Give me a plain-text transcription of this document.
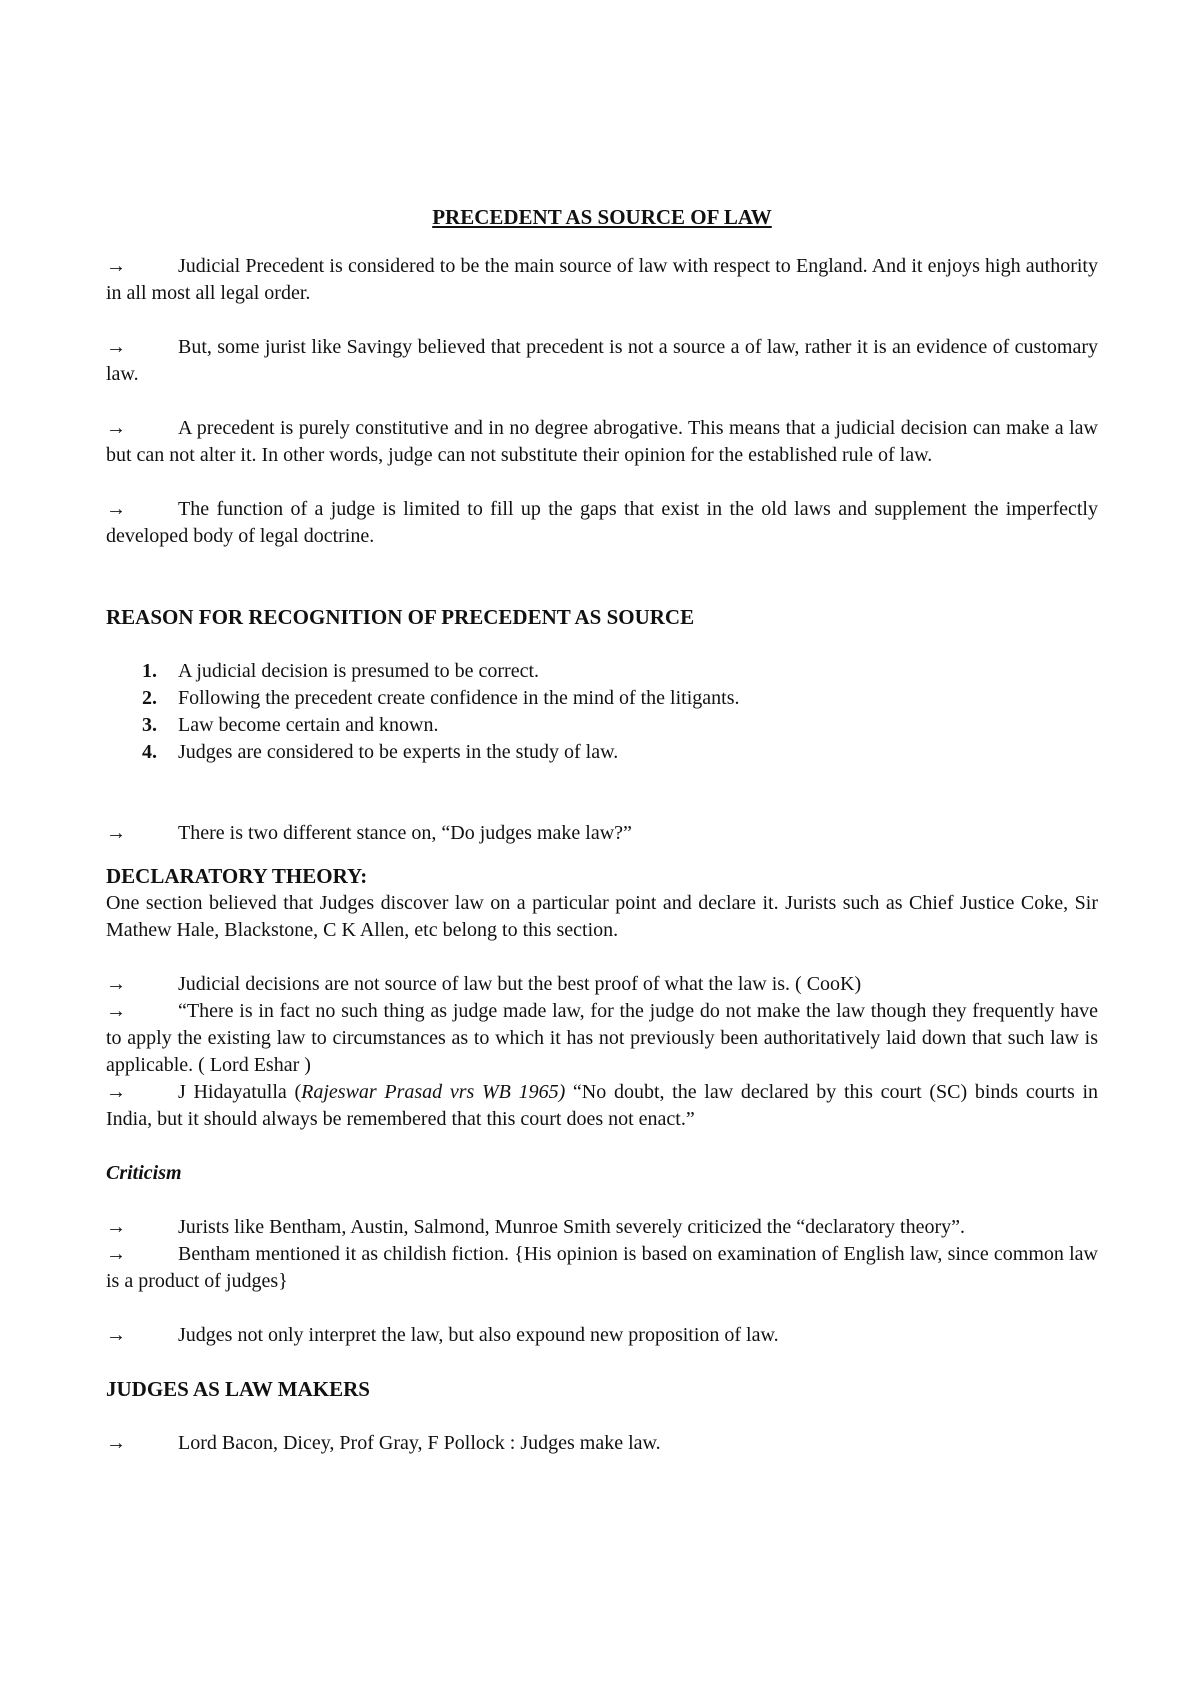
PRECEDENT AS SOURCE OF LAW

→	Judicial Precedent is considered to be the main source of law with respect to England. And it enjoys high authority in all most all legal order.

→	But, some jurist like Savingy believed that precedent is not a source a of law, rather it is an evidence of customary law.

→	A precedent is purely constitutive and in no degree abrogative. This means that a judicial decision can make a law but can not alter it. In other words, judge can not substitute their opinion for the established rule of law.

→	The function of a judge is limited to fill up the gaps that exist in the old laws and supplement the imperfectly developed body of legal doctrine.

REASON FOR RECOGNITION OF PRECEDENT AS SOURCE

1. A judicial decision is presumed to be correct.
2. Following the precedent create confidence in the mind of the litigants.
3. Law become certain and known.
4. Judges are considered to be experts in the study of law.

→	There is two different stance on, “Do judges make law?”

DECLARATORY THEORY:

One section believed that Judges discover law on a particular point and declare it. Jurists such as Chief Justice Coke, Sir Mathew Hale, Blackstone, C K Allen, etc belong to this section.

→	Judicial decisions are not source of law but the best proof of what the law is. ( CooK)

→	“There is in fact no such thing as judge made law, for the judge do not make the law though they frequently have to apply the existing law to circumstances as to which it has not previously been authoritatively laid down that such law is applicable. ( Lord Eshar )

→	J Hidayatulla (Rajeswar Prasad vrs WB 1965) “No doubt, the law declared by this court (SC) binds courts in India, but it should always be remembered that this court does not enact.”

Criticism

→	Jurists like Bentham, Austin, Salmond, Munroe Smith severely criticized the “declaratory theory”.

→	Bentham mentioned it as childish fiction. {His opinion is based on examination of English law, since common law is a product of judges}

→	Judges not only interpret the law, but also expound new proposition of law.

JUDGES AS LAW MAKERS

→	Lord Bacon, Dicey, Prof Gray, F Pollock : Judges make law.
